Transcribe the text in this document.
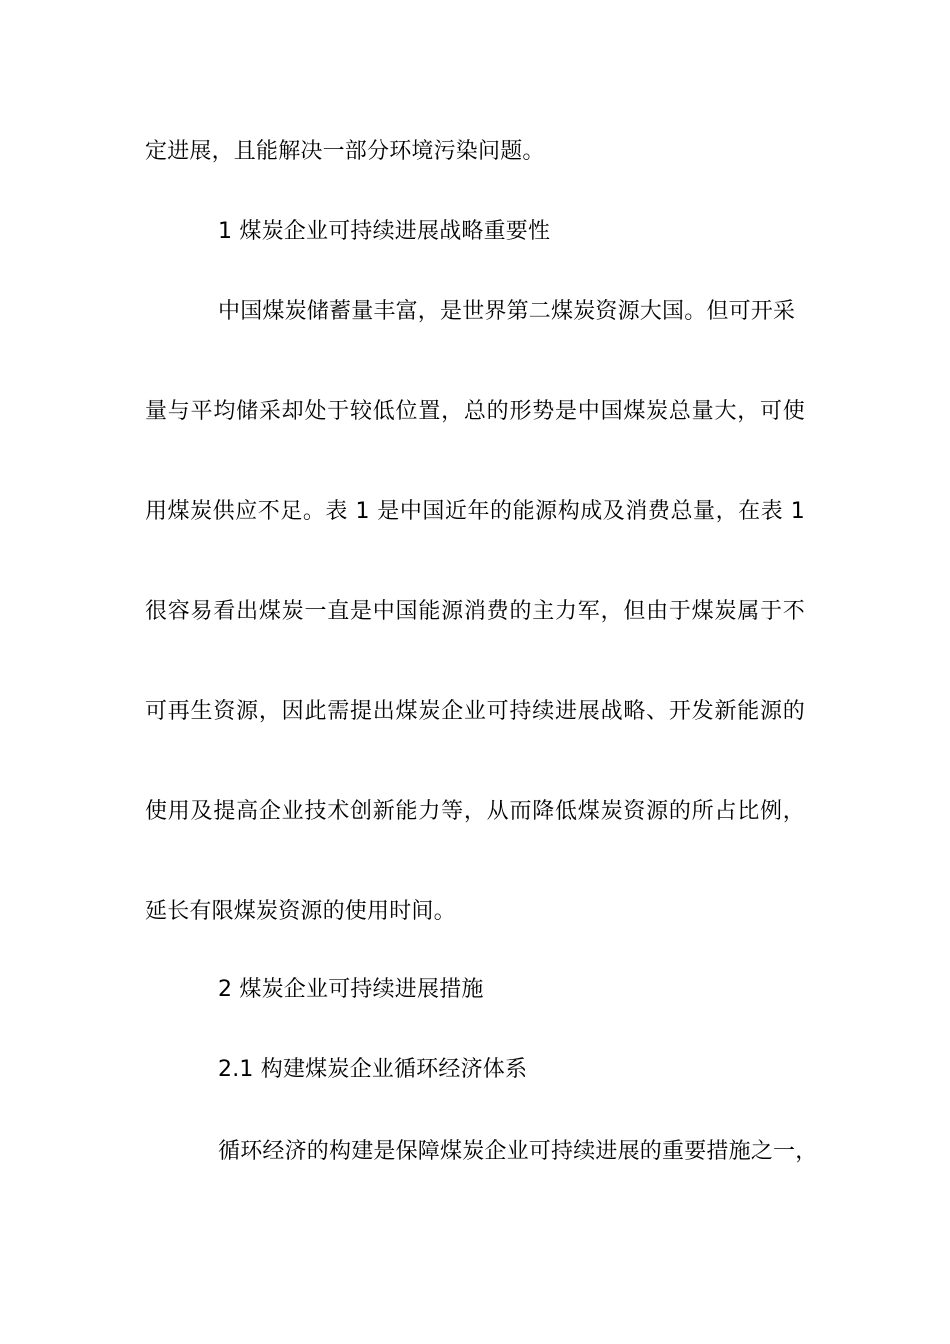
定进展，且能解决一部分环境污染问题。
1 煤炭企业可持续进展战略重要性
中国煤炭储蓄量丰富，是世界第二煤炭资源大国。但可开采
量与平均储采却处于较低位置，总的形势是中国煤炭总量大，可使
用煤炭供应不足。表 1 是中国近年的能源构成及消费总量，在表 1
很容易看出煤炭一直是中国能源消费的主力军，但由于煤炭属于不
可再生资源，因此需提出煤炭企业可持续进展战略、开发新能源的
使用及提高企业技术创新能力等，从而降低煤炭资源的所占比例，
延长有限煤炭资源的使用时间。
2 煤炭企业可持续进展措施
2.1 构建煤炭企业循环经济体系
循环经济的构建是保障煤炭企业可持续进展的重要措施之一，
